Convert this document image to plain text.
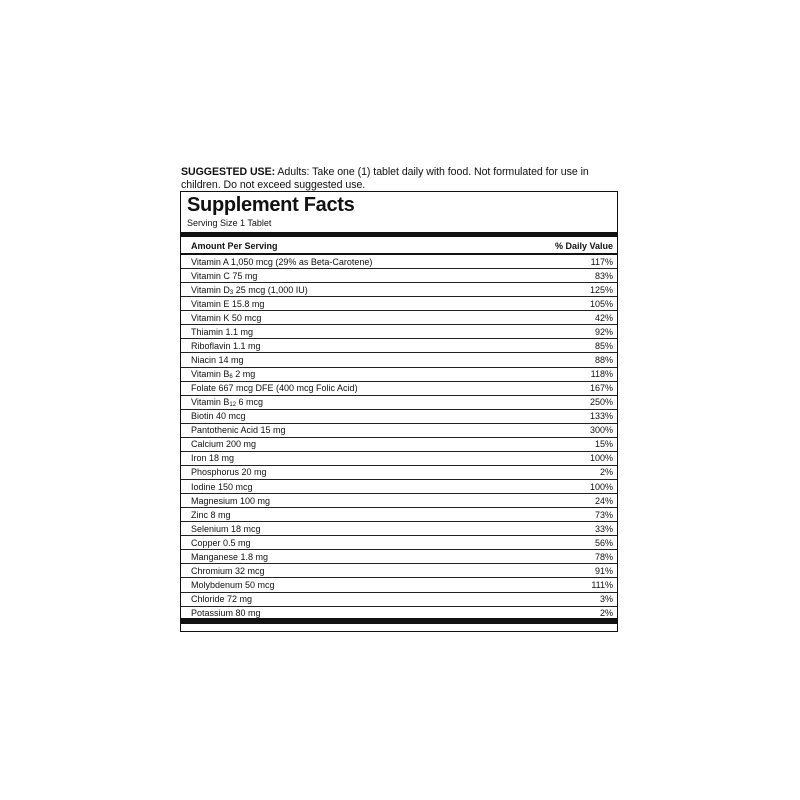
SUGGESTED USE: Adults: Take one (1) tablet daily with food. Not formulated for use in children. Do not exceed suggested use.
Supplement Facts
Serving Size 1 Tablet
Amount Per Serving	% Daily Value
Vitamin A 1,050 mcg (29% as Beta-Carotene)	117%
Vitamin C 75 mg	83%
Vitamin $D_3$ 25 mcg (1,000 IU)	125%
Vitamin E 15.8 mg	105%
Vitamin K 50 mcg	42%
Thiamin 1.1 mg	92%
Riboflavin 1.1 mg	85%
Niacin 14 mg	88%
Vitamin $B_6$ 2 mg	118%
Folate 667 mcg DFE (400 mcg Folic Acid)	167%
Vitamin $B_{12}$ 6 mcg	250%
Biotin 40 mcg	133%
Pantothenic Acid 15 mg	300%
Calcium 200 mg	15%
Iron 18 mg	100%
Phosphorus 20 mg	2%
Iodine 150 mcg	100%
Magnesium 100 mg	24%
Zinc 8 mg	73%
Selenium 18 mcg	33%
Copper 0.5 mg	56%
Manganese 1.8 mg	78%
Chromium 32 mcg	91%
Molybdenum 50 mcg	111%
Chloride 72 mg	3%
Potassium 80 mg	2%
